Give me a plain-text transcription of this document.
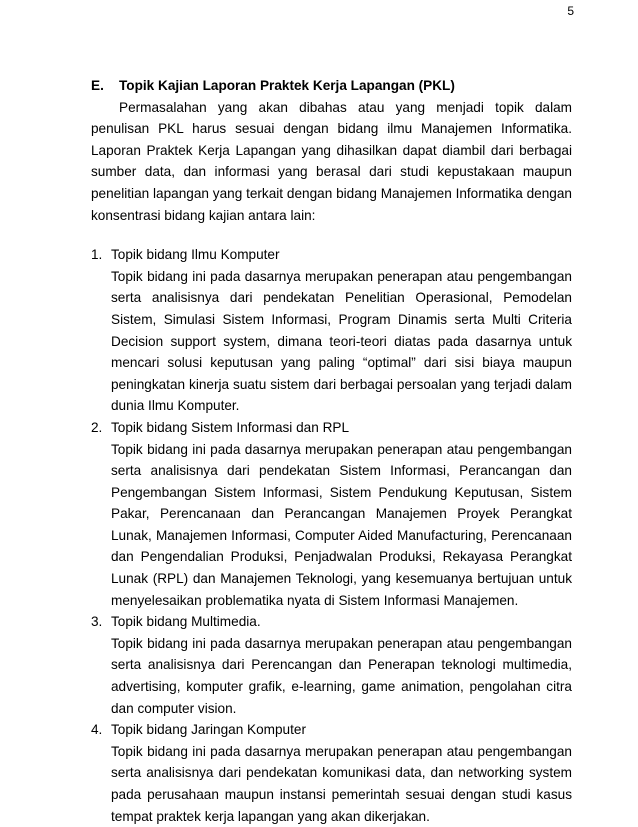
5
E.	Topik Kajian Laporan Praktek Kerja Lapangan (PKL)

Permasalahan yang akan dibahas atau yang menjadi topik dalam penulisan PKL harus sesuai dengan bidang ilmu Manajemen Informatika. Laporan Praktek Kerja Lapangan yang dihasilkan dapat diambil dari berbagai sumber data, dan informasi yang berasal dari studi kepustakaan maupun penelitian lapangan yang terkait dengan bidang Manajemen Informatika dengan konsentrasi bidang kajian antara lain:

1. Topik bidang Ilmu Komputer

Topik bidang ini pada dasarnya merupakan penerapan atau pengembangan serta analisisnya dari pendekatan Penelitian Operasional, Pemodelan Sistem, Simulasi Sistem Informasi, Program Dinamis serta Multi Criteria Decision support system, dimana teori-teori diatas pada dasarnya untuk mencari solusi keputusan yang paling “optimal” dari sisi biaya maupun peningkatan kinerja suatu sistem dari berbagai persoalan yang terjadi dalam dunia Ilmu Komputer.

2. Topik bidang Sistem Informasi dan RPL

Topik bidang ini pada dasarnya merupakan penerapan atau pengembangan serta analisisnya dari pendekatan Sistem Informasi, Perancangan dan Pengembangan Sistem Informasi, Sistem Pendukung Keputusan, Sistem Pakar, Perencanaan dan Perancangan Manajemen Proyek Perangkat Lunak, Manajemen Informasi, Computer Aided Manufacturing, Perencanaan dan Pengendalian Produksi, Penjadwalan Produksi, Rekayasa Perangkat Lunak (RPL) dan Manajemen Teknologi, yang kesemuanya bertujuan untuk menyelesaikan problematika nyata di Sistem Informasi Manajemen.

3. Topik bidang Multimedia.

Topik bidang ini pada dasarnya merupakan penerapan atau pengembangan serta analisisnya dari Perencangan dan Penerapan teknologi multimedia, advertising, komputer grafik, e-learning, game animation, pengolahan citra dan computer vision.

4. Topik bidang Jaringan Komputer

Topik bidang ini pada dasarnya merupakan penerapan atau pengembangan serta analisisnya dari pendekatan komunikasi data, dan networking system pada perusahaan maupun instansi pemerintah sesuai dengan studi kasus tempat praktek kerja lapangan yang akan dikerjakan.
